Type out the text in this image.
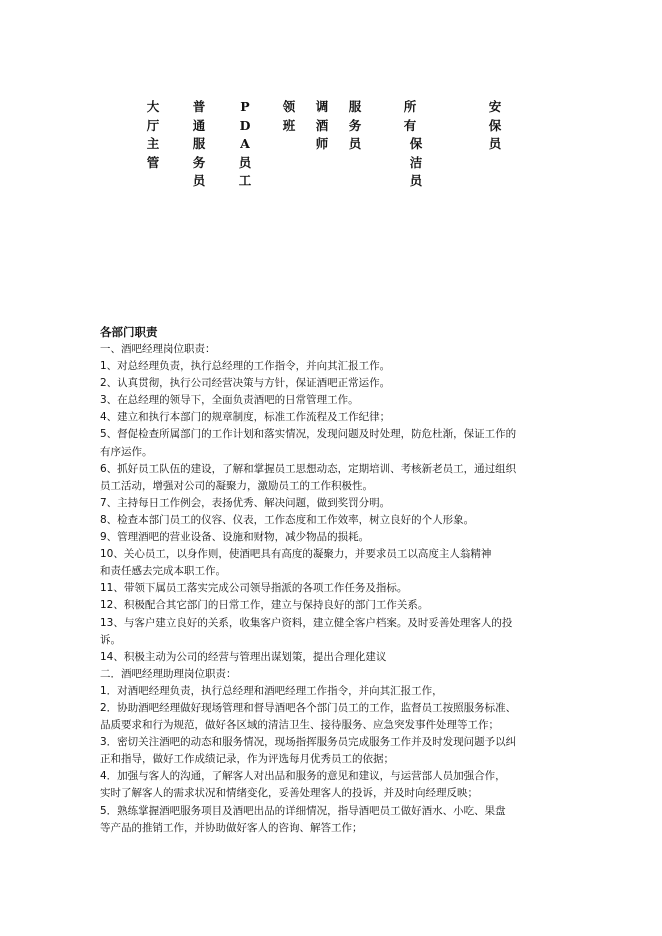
大
厅
主
管
普
通
服
务
员
P
D
A
员
工
领
班
调
酒
师
服
务
员
所
有
保
洁
员
安
保
员
各部门职责
一、酒吧经理岗位职责：
1、对总经理负责，执行总经理的工作指令，并向其汇报工作。
2、认真贯彻，执行公司经营决策与方针，保证酒吧正常运作。
3、在总经理的领导下，全面负责酒吧的日常管理工作。
4、建立和执行本部门的规章制度，标准工作流程及工作纪律；
5、督促检查所属部门的工作计划和落实情况，发现问题及时处理，防危杜渐，保证工作的
有序运作。
6、抓好员工队伍的建设，了解和掌握员工思想动态，定期培训、考核新老员工，通过组织
员工活动，增强对公司的凝聚力，激励员工的工作积极性。
7、主持每日工作例会，表扬优秀、解决问题，做到奖罚分明。
8、检查本部门员工的仪容、仪表，工作态度和工作效率，树立良好的个人形象。
9、管理酒吧的营业设备、设施和财物，减少物品的损耗。
10、关心员工，以身作则，使酒吧具有高度的凝聚力，并要求员工以高度主人翁精神
和责任感去完成本职工作。
11、带领下属员工落实完成公司领导指派的各项工作任务及指标。
12、积极配合其它部门的日常工作，建立与保持良好的部门工作关系。
13、与客户建立良好的关系，收集客户资料，建立健全客户档案。及时妥善处理客人的投
诉。
14、积极主动为公司的经营与管理出谋划策，提出合理化建议
二．酒吧经理助理岗位职责：
1．对酒吧经理负责，执行总经理和酒吧经理工作指令，并向其汇报工作，
2．协助酒吧经理做好现场管理和督导酒吧各个部门员工的工作，监督员工按照服务标准、
品质要求和行为规范，做好各区域的清洁卫生、接待服务、应急突发事件处理等工作；
3．密切关注酒吧的动态和服务情况，现场指挥服务员完成服务工作并及时发现问题予以纠
正和指导，做好工作成绩记录，作为评选每月优秀员工的依据；
4．加强与客人的沟通，了解客人对出品和服务的意见和建议，与运营部人员加强合作，
实时了解客人的需求状况和情绪变化，妥善处理客人的投诉，并及时向经理反映；
5．熟练掌握酒吧服务项目及酒吧出品的详细情况，指导酒吧员工做好酒水、小吃、果盘
等产品的推销工作，并协助做好客人的咨询、解答工作；
